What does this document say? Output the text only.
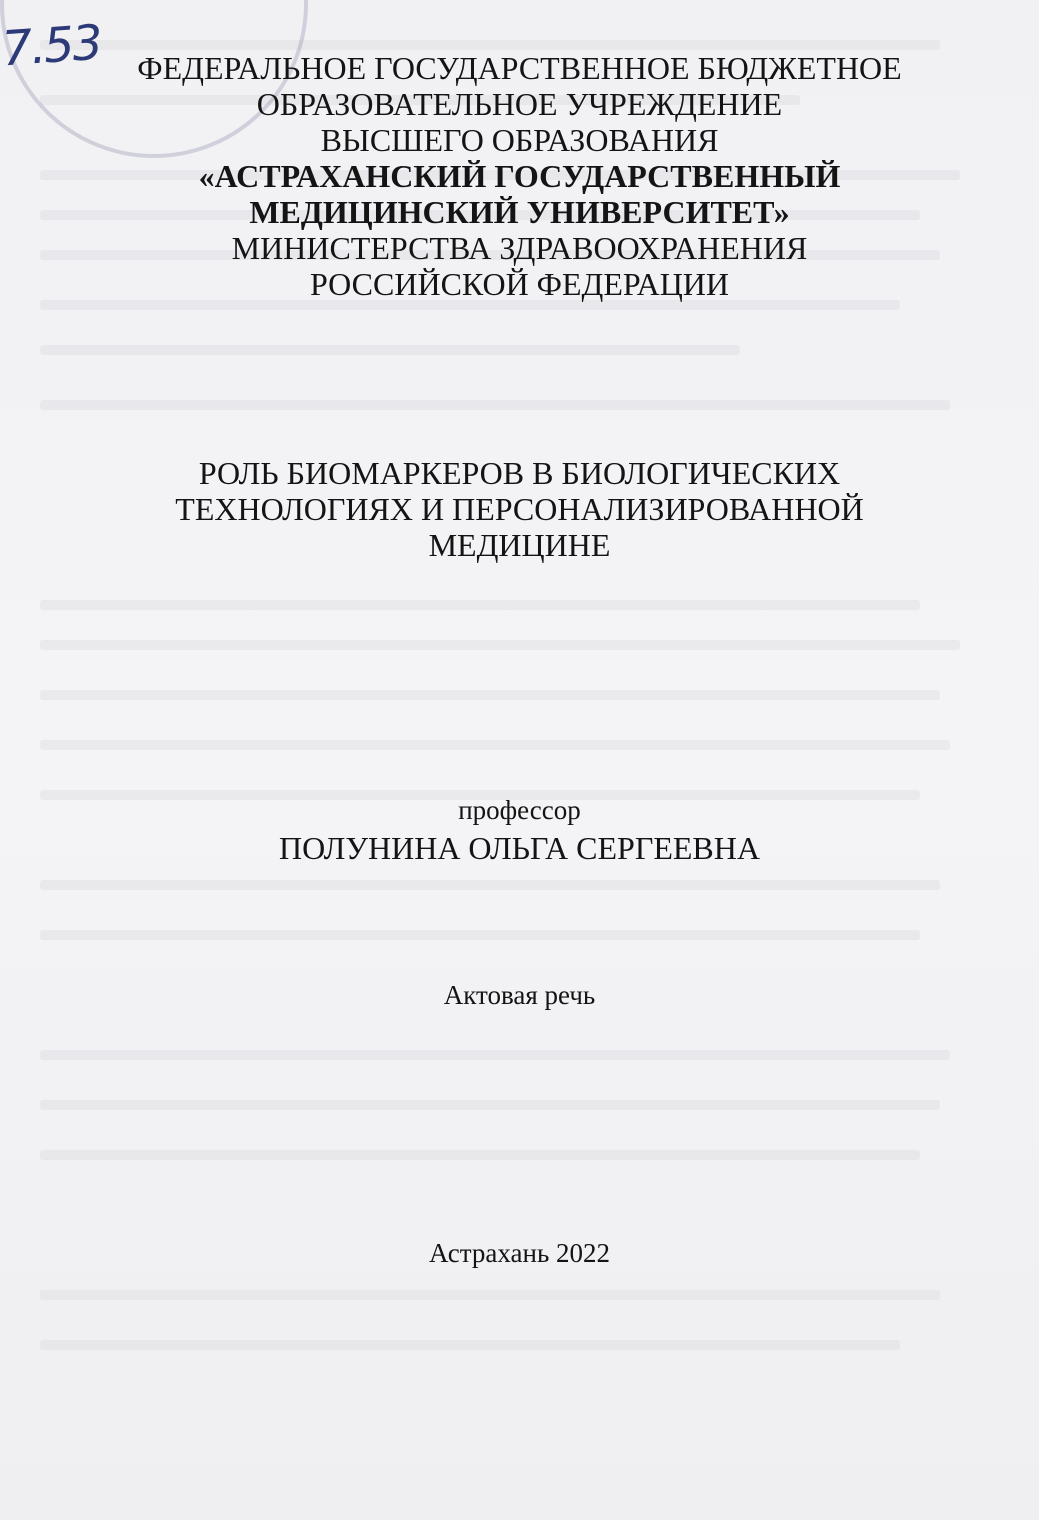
7.53	ФЕДЕРАЛЬНОЕ ГОСУДАРСТВЕННОЕ БЮДЖЕТНОЕ
ОБРАЗОВАТЕЛЬНОЕ УЧРЕЖДЕНИЕ
ВЫСШЕГО ОБРАЗОВАНИЯ
«АСТРАХАНСКИЙ ГОСУДАРСТВЕННЫЙ
МЕДИЦИНСКИЙ УНИВЕРСИТЕТ»
МИНИСТЕРСТВА ЗДРАВООХРАНЕНИЯ
РОССИЙСКОЙ ФЕДЕРАЦИИ
РОЛЬ БИОМАРКЕРОВ В БИОЛОГИЧЕСКИХ
ТЕХНОЛОГИЯХ И ПЕРСОНАЛИЗИРОВАННОЙ
МЕДИЦИНЕ
профессор
ПОЛУНИНА ОЛЬГА СЕРГЕЕВНА
Актовая речь
Астрахань 2022
